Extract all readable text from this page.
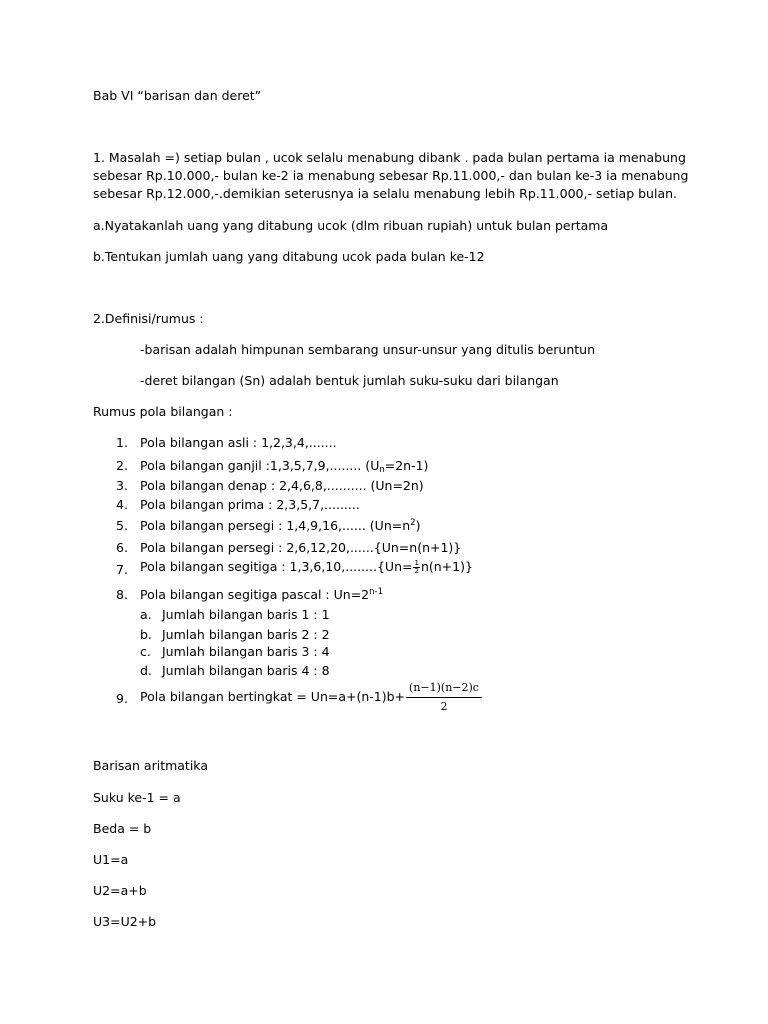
Bab VI “barisan dan deret”
1. Masalah =) setiap bulan , ucok selalu menabung dibank . pada bulan pertama ia menabung
sebesar Rp.10.000,- bulan ke-2 ia menabung sebesar Rp.11.000,- dan bulan ke-3 ia menabung
sebesar Rp.12.000,-.demikian seterusnya ia selalu menabung lebih Rp.11.000,- setiap bulan.
a.Nyatakanlah uang yang ditabung ucok (dlm ribuan rupiah) untuk bulan pertama
b.Tentukan jumlah uang yang ditabung ucok pada bulan ke-12
2.Definisi/rumus :
-barisan adalah himpunan sembarang unsur-unsur yang ditulis beruntun
-deret bilangan (Sn) adalah bentuk jumlah suku-suku dari bilangan
Rumus pola bilangan :
1. Pola bilangan asli : 1,2,3,4,.......
2. Pola bilangan ganjil :1,3,5,7,9,........ $(U_n=2n-1)$
3. Pola bilangan denap : 2,4,6,8,.......... (Un=2n)
4. Pola bilangan prima : 2,3,5,7,.........
5. Pola bilangan persegi : 1,4,9,16,...... $(Un=n^2)$
6. Pola bilangan persegi : 2,6,12,20,......{Un=n(n+1)}
7. Pola bilangan segitiga : $1,3,6,10,........\{Un= \frac{1}{2} n(n+1)\}$
8. Pola bilangan segitiga pascal : $Un=2^{n-1}$
a. Jumlah bilangan baris 1 : 1
b. Jumlah bilangan baris 2 : 2
c. Jumlah bilangan baris 3 : 4
d. Jumlah bilangan baris 4 : 8
9. Pola bilangan bertingkat = $Un=a+(n-1)b+ \frac{(n-1)(n-2)c}{2}$
Barisan aritmatika
Suku ke-1 = a
Beda = b
U1=a
U2=a+b
U3=U2+b
